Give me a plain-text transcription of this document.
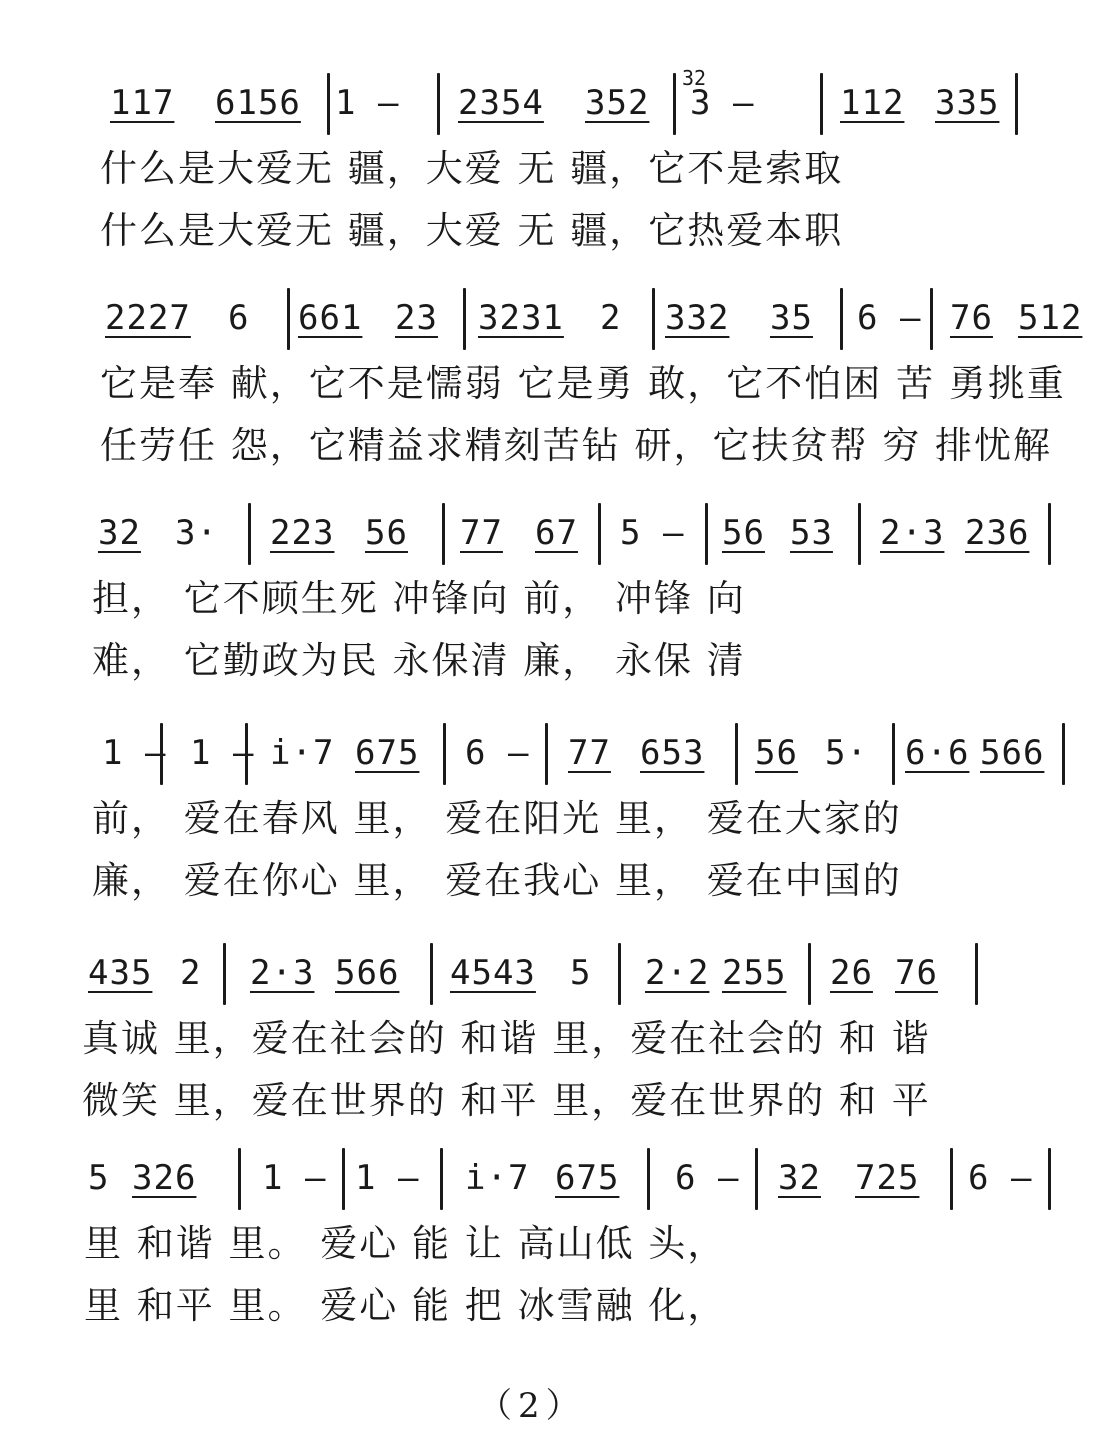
117 6156 1 — 2354 352
32
3 —	112 335
什么是大爱无 疆，大爱 无 疆，它不是索取
什么是大爱无 疆，大爱 无 疆，它热爱本职
2227 6 661 23 3231 2 332 35 6 — 76 512
它是奉 献，它不是懦弱 它是勇 敢，它不怕困 苦 勇挑重
任劳任 怨，它精益求精刻苦钻 研，它扶贫帮 穷 排忧解
32 3· 223 56 77 67 5 — 56 53 2·3 236
担， 它不顾生死 冲锋向 前， 冲锋 向
难， 它勤政为民 永保清 廉， 永保 清
1 — 1 — i·7 675 6 — 77 653 56 5· 6·6 566
前， 爱在春风 里， 爱在阳光 里， 爱在大家的
廉， 爱在你心 里， 爱在我心 里， 爱在中国的
435 2 2·3 566 4543 5 2·2 255 26 76
真诚 里，爱在社会的 和谐 里，爱在社会的 和 谐
微笑 里，爱在世界的 和平 里，爱在世界的 和 平
5 326 1 — 1 — i·7 675 6 — 32 725 6 —
里 和谐 里。 爱心 能 让 高山低 头，
里 和平 里。 爱心 能 把 冰雪融 化，
（2）
